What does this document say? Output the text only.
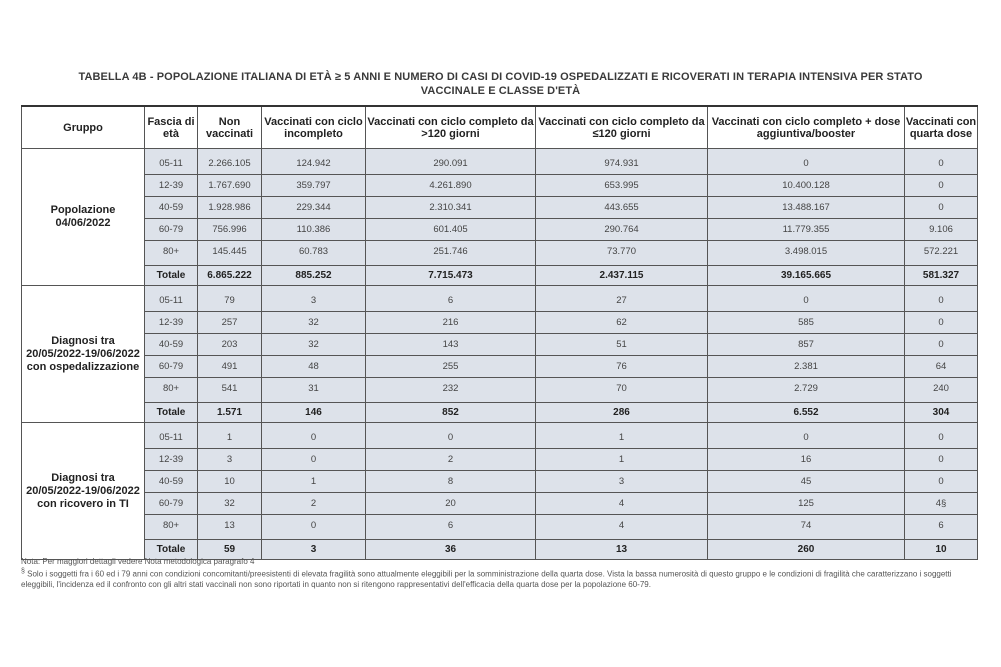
TABELLA 4B - POPOLAZIONE ITALIANA DI ETÀ ≥ 5 ANNI E NUMERO DI CASI DI COVID-19 OSPEDALIZZATI E RICOVERATI IN TERAPIA INTENSIVA PER STATO
VACCINALE E CLASSE D'ETÀ
Gruppo	Fascia di età	Non vaccinati	Vaccinati con ciclo incompleto	Vaccinati con ciclo completo da >120 giorni	Vaccinati con ciclo completo da ≤120 giorni	Vaccinati con ciclo completo + dose aggiuntiva/booster	Vaccinati con quarta dose
Popolazione 04/06/2022	05-11	2.266.105	124.942	290.091	974.931	0	0
	12-39	1.767.690	359.797	4.261.890	653.995	10.400.128	0
	40-59	1.928.986	229.344	2.310.341	443.655	13.488.167	0
	60-79	756.996	110.386	601.405	290.764	11.779.355	9.106
	80+	145.445	60.783	251.746	73.770	3.498.015	572.221
	Totale	6.865.222	885.252	7.715.473	2.437.115	39.165.665	581.327
Diagnosi tra 20/05/2022-19/06/2022 con ospedalizzazione	05-11	79	3	6	27	0	0
	12-39	257	32	216	62	585	0
	40-59	203	32	143	51	857	0
	60-79	491	48	255	76	2.381	64
	80+	541	31	232	70	2.729	240
	Totale	1.571	146	852	286	6.552	304
Diagnosi tra 20/05/2022-19/06/2022 con ricovero in TI	05-11	1	0	0	1	0	0
	12-39	3	0	2	1	16	0
	40-59	10	1	8	3	45	0
	60-79	32	2	20	4	125	4§
	80+	13	0	6	4	74	6
	Totale	59	3	36	13	260	10

Nota: Per maggiori dettagli vedere Nota metodologica paragrafo 4

§ Solo i soggetti fra i 60 ed i 79 anni con condizioni concomitanti/preesistenti di elevata fragilità sono attualmente eleggibili per la somministrazione della quarta dose. Vista la bassa numerosità di questo gruppo e le condizioni di fragilità che caratterizzano i soggetti eleggibili, l'incidenza ed il confronto con gli altri stati vaccinali non sono riportati in quanto non si ritengono rappresentativi dell'efficacia della quarta dose per la popolazione 60-79.
